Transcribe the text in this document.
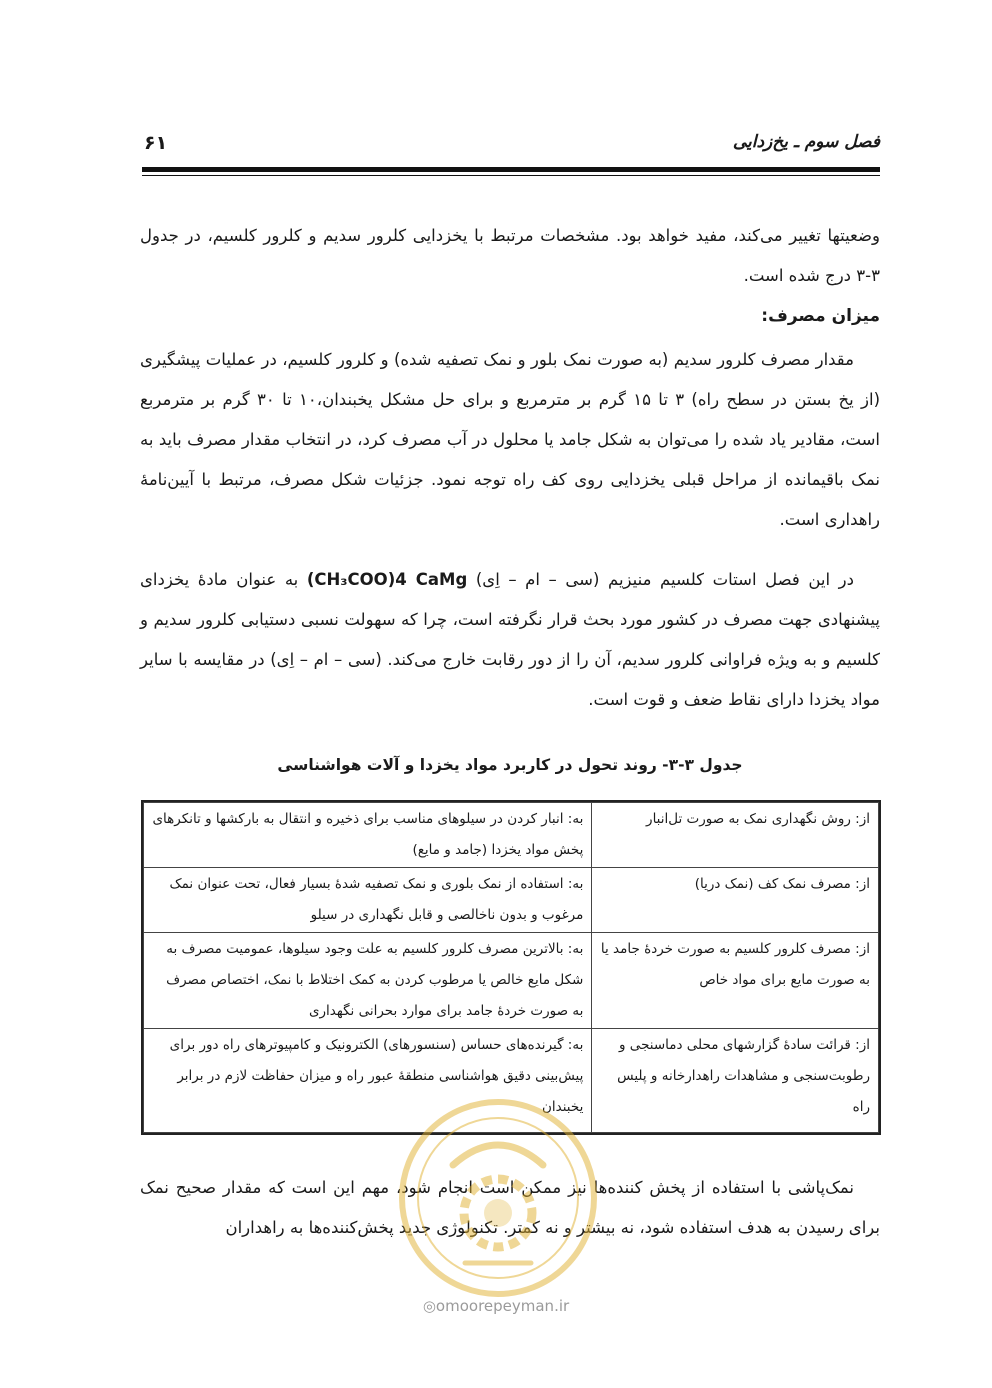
۶۱	فصل سوم ـ یخ‌زدایی
وضعیتها تغییر می‌کند، مفید خواهد بود. مشخصات مرتبط با یخزدایی کلرور سدیم و کلرور کلسیم، در جدول ۳-۳ درج شده است.
میزان مصرف:
مقدار مصرف کلرور سدیم (به صورت نمک بلور و نمک تصفیه شده) و کلرور کلسیم، در عملیات پیشگیری (از یخ بستن در سطح راه) ۳ تا ۱۵ گرم بر مترمربع و برای حل مشکل یخبندان،۱۰ تا ۳۰ گرم بر مترمربع است، مقادیر یاد شده را می‌توان به شکل جامد یا محلول در آب مصرف کرد، در انتخاب مقدار مصرف باید به نمک باقیمانده از مراحل قبلی یخزدایی روی کف راه توجه نمود. جزئیات شکل مصرف، مرتبط با آیین‌نامهٔ راهداری است.
در این فصل استات کلسیم منیزیم (سی – ام – اِی) (CH₃COO)4 CaMg به عنوان مادهٔ یخزدای پیشنهادی جهت مصرف در کشور مورد بحث قرار نگرفته است، چرا که سهولت نسبی دستیابی کلرور سدیم و کلسیم و به ویژه فراوانی کلرور سدیم، آن را از دور رقابت خارج می‌کند. (سی – ام – اِی) در مقایسه با سایر مواد یخزدا دارای نقاط ضعف و قوت است.
جدول ۳-۳- روند تحول در کاربرد مواد یخزدا و آلات هواشناسی
از: روش نگهداری نمک به صورت تل‌انبار	به: انبار کردن در سیلوهای مناسب برای ذخیره و انتقال به بارکشها و تانکرهای پخش مواد یخزدا (جامد و مایع)
از: مصرف نمک کف (نمک دریا)	به: استفاده از نمک بلوری و نمک تصفیه شدهٔ بسیار فعال، تحت عنوان نمک مرغوب و بدون ناخالصی و قابل نگهداری در سیلو
از: مصرف کلرور کلسیم به صورت خردهٔ جامد یا به صورت مایع برای مواد خاص	به: بالاترین مصرف کلرور کلسیم به علت وجود سیلوها، عمومیت مصرف به شکل مایع خالص یا مرطوب کردن به کمک اختلاط با نمک، اختصاص مصرف به صورت خردهٔ جامد برای موارد بحرانی نگهداری
از: قرائت سادهٔ گزارشهای محلی دماسنجی و رطوبت‌سنجی و مشاهدات راهدارخانه و پلیس راه	به: گیرنده‌های حساس (سنسورهای) الکترونیک و کامپیوترهای راه دور برای پیش‌بینی دقیق هواشناسی منطقهٔ عبور راه و میزان حفاظت لازم در برابر یخبندان
نمک‌پاشی با استفاده از پخش کننده‌ها نیز ممکن است انجام شود، مهم این است که مقدار صحیح نمک برای رسیدن به هدف استفاده شود، نه بیشتر و نه کمتر. تکنولوژی جدید پخش‌کننده‌ها به راهداران
◎omoorepeyman.ir
